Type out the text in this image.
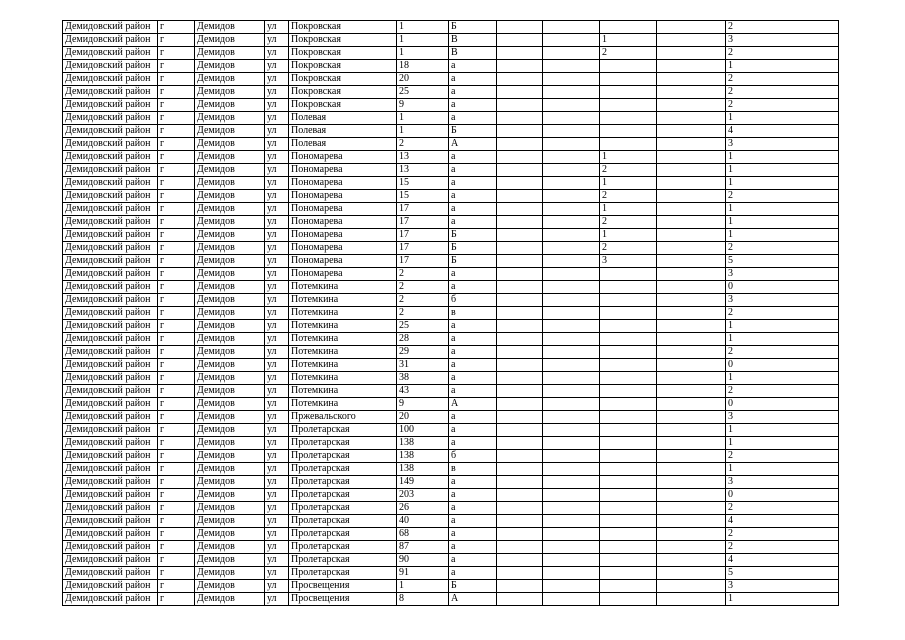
Демидовский район	г	Демидов	ул	Покровская	1	Б					2
Демидовский район	г	Демидов	ул	Покровская	1	В			1		3
Демидовский район	г	Демидов	ул	Покровская	1	В			2		2
Демидовский район	г	Демидов	ул	Покровская	18	а					1
Демидовский район	г	Демидов	ул	Покровская	20	а					2
Демидовский район	г	Демидов	ул	Покровская	25	а					2
Демидовский район	г	Демидов	ул	Покровская	9	а					2
Демидовский район	г	Демидов	ул	Полевая	1	а					1
Демидовский район	г	Демидов	ул	Полевая	1	Б					4
Демидовский район	г	Демидов	ул	Полевая	2	А					3
Демидовский район	г	Демидов	ул	Пономарева	13	а			1		1
Демидовский район	г	Демидов	ул	Пономарева	13	а			2		1
Демидовский район	г	Демидов	ул	Пономарева	15	а			1		1
Демидовский район	г	Демидов	ул	Пономарева	15	а			2		2
Демидовский район	г	Демидов	ул	Пономарева	17	а			1		1
Демидовский район	г	Демидов	ул	Пономарева	17	а			2		1
Демидовский район	г	Демидов	ул	Пономарева	17	Б			1		1
Демидовский район	г	Демидов	ул	Пономарева	17	Б			2		2
Демидовский район	г	Демидов	ул	Пономарева	17	Б			3		5
Демидовский район	г	Демидов	ул	Пономарева	2	а					3
Демидовский район	г	Демидов	ул	Потемкина	2	а					0
Демидовский район	г	Демидов	ул	Потемкина	2	б					3
Демидовский район	г	Демидов	ул	Потемкина	2	в					2
Демидовский район	г	Демидов	ул	Потемкина	25	а					1
Демидовский район	г	Демидов	ул	Потемкина	28	а					1
Демидовский район	г	Демидов	ул	Потемкина	29	а					2
Демидовский район	г	Демидов	ул	Потемкина	31	а					0
Демидовский район	г	Демидов	ул	Потемкина	38	а					1
Демидовский район	г	Демидов	ул	Потемкина	43	а					2
Демидовский район	г	Демидов	ул	Потемкина	9	А					0
Демидовский район	г	Демидов	ул	Пржевальского	20	а					3
Демидовский район	г	Демидов	ул	Пролетарская	100	а					1
Демидовский район	г	Демидов	ул	Пролетарская	138	а					1
Демидовский район	г	Демидов	ул	Пролетарская	138	б					2
Демидовский район	г	Демидов	ул	Пролетарская	138	в					1
Демидовский район	г	Демидов	ул	Пролетарская	149	а					3
Демидовский район	г	Демидов	ул	Пролетарская	203	а					0
Демидовский район	г	Демидов	ул	Пролетарская	26	а					2
Демидовский район	г	Демидов	ул	Пролетарская	40	а					4
Демидовский район	г	Демидов	ул	Пролетарская	68	а					2
Демидовский район	г	Демидов	ул	Пролетарская	87	а					2
Демидовский район	г	Демидов	ул	Пролетарская	90	а					4
Демидовский район	г	Демидов	ул	Пролетарская	91	а					5
Демидовский район	г	Демидов	ул	Просвещения	1	Б					3
Демидовский район	г	Демидов	ул	Просвещения	8	А					1
